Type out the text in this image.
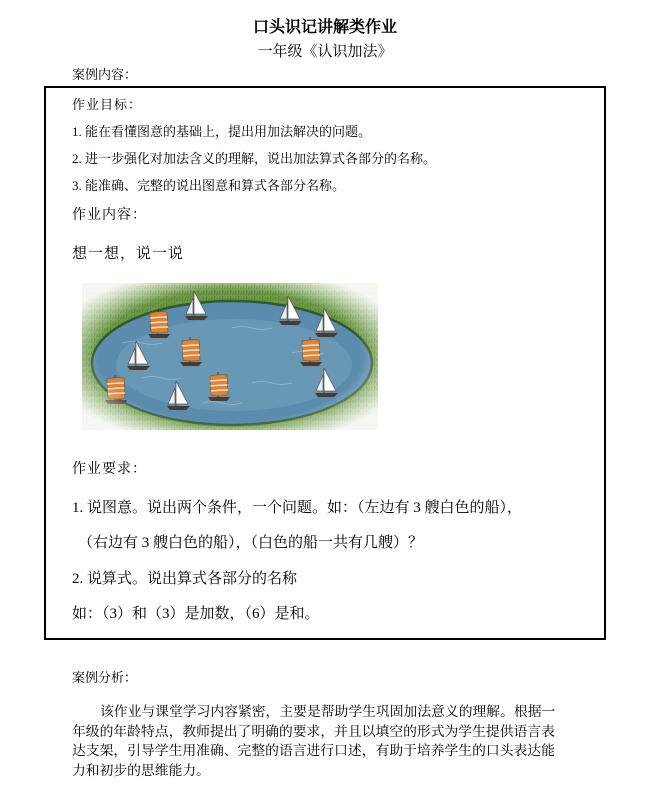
口头识记讲解类作业
一年级《认识加法》
案例内容：
作业目标：
1. 能在看懂图意的基础上，提出用加法解决的问题。
2. 进一步强化对加法含义的理解，说出加法算式各部分的名称。
3. 能准确、完整的说出图意和算式各部分名称。
作业内容：
想一想，说一说
作业要求：
1. 说图意。说出两个条件，一个问题。如：（左边有 3 艘白色的船），
（右边有 3 艘白色的船），（白色的船一共有几艘）？
2. 说算式。说出算式各部分的名称
如：（3）和（3）是加数，（6）是和。
案例分析：
该作业与课堂学习内容紧密，主要是帮助学生巩固加法意义的理解。根据一
年级的年龄特点，教师提出了明确的要求，并且以填空的形式为学生提供语言表
达支架，引导学生用准确、完整的语言进行口述，有助于培养学生的口头表达能
力和初步的思维能力。
